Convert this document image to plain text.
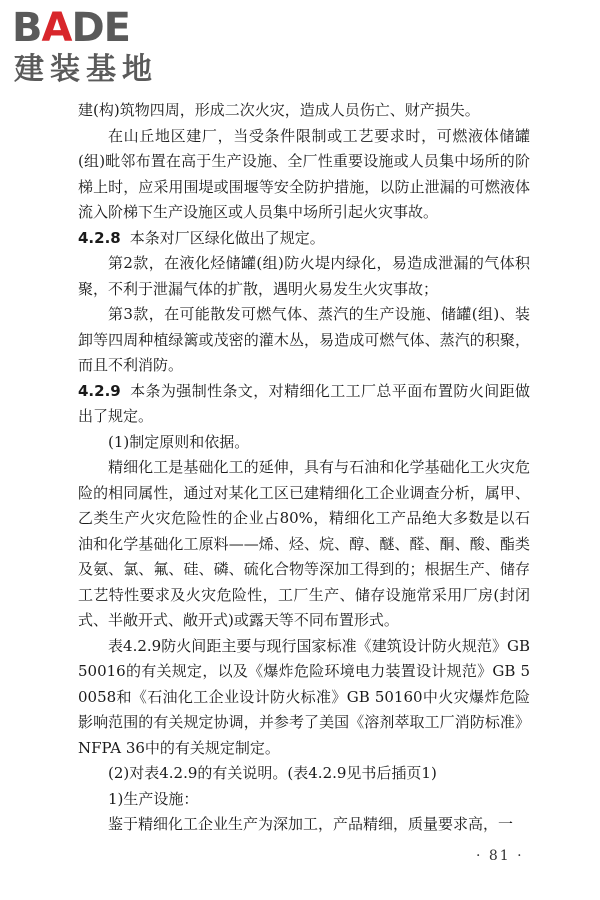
BADE
建装基地

建(构)筑物四周，形成二次火灾，造成人员伤亡、财产损失。

在山丘地区建厂，当受条件限制或工艺要求时，可燃液体储罐(组)毗邻布置在高于生产设施、全厂性重要设施或人员集中场所的阶梯上时，应采用围堤或围堰等安全防护措施，以防止泄漏的可燃液体流入阶梯下生产设施区或人员集中场所引起火灾事故。

4.2.8 本条对厂区绿化做出了规定。

第2款，在液化烃储罐(组)防火堤内绿化，易造成泄漏的气体积聚，不利于泄漏气体的扩散，遇明火易发生火灾事故；

第3款，在可能散发可燃气体、蒸汽的生产设施、储罐(组)、装卸等四周种植绿篱或茂密的灌木丛，易造成可燃气体、蒸汽的积聚，而且不利消防。

4.2.9 本条为强制性条文，对精细化工工厂总平面布置防火间距做出了规定。

(1)制定原则和依据。

精细化工是基础化工的延伸，具有与石油和化学基础化工火灾危险的相同属性，通过对某化工区已建精细化工企业调查分析，属甲、乙类生产火灾危险性的企业占80%，精细化工产品绝大多数是以石油和化学基础化工原料——烯、烃、烷、醇、醚、醛、酮、酸、酯类及氨、氯、氟、硅、磷、硫化合物等深加工得到的；根据生产、储存工艺特性要求及火灾危险性，工厂生产、储存设施常采用厂房(封闭式、半敞开式、敞开式)或露天等不同布置形式。

表4.2.9防火间距主要与现行国家标准《建筑设计防火规范》GB 50016的有关规定，以及《爆炸危险环境电力装置设计规范》GB 50058和《石油化工企业设计防火标准》GB 50160中火灾爆炸危险影响范围的有关规定协调，并参考了美国《溶剂萃取工厂消防标准》NFPA 36中的有关规定制定。

(2)对表4.2.9的有关说明。(表4.2.9见书后插页1)

1)生产设施：

鉴于精细化工企业生产为深加工，产品精细，质量要求高，一

· 81 ·
